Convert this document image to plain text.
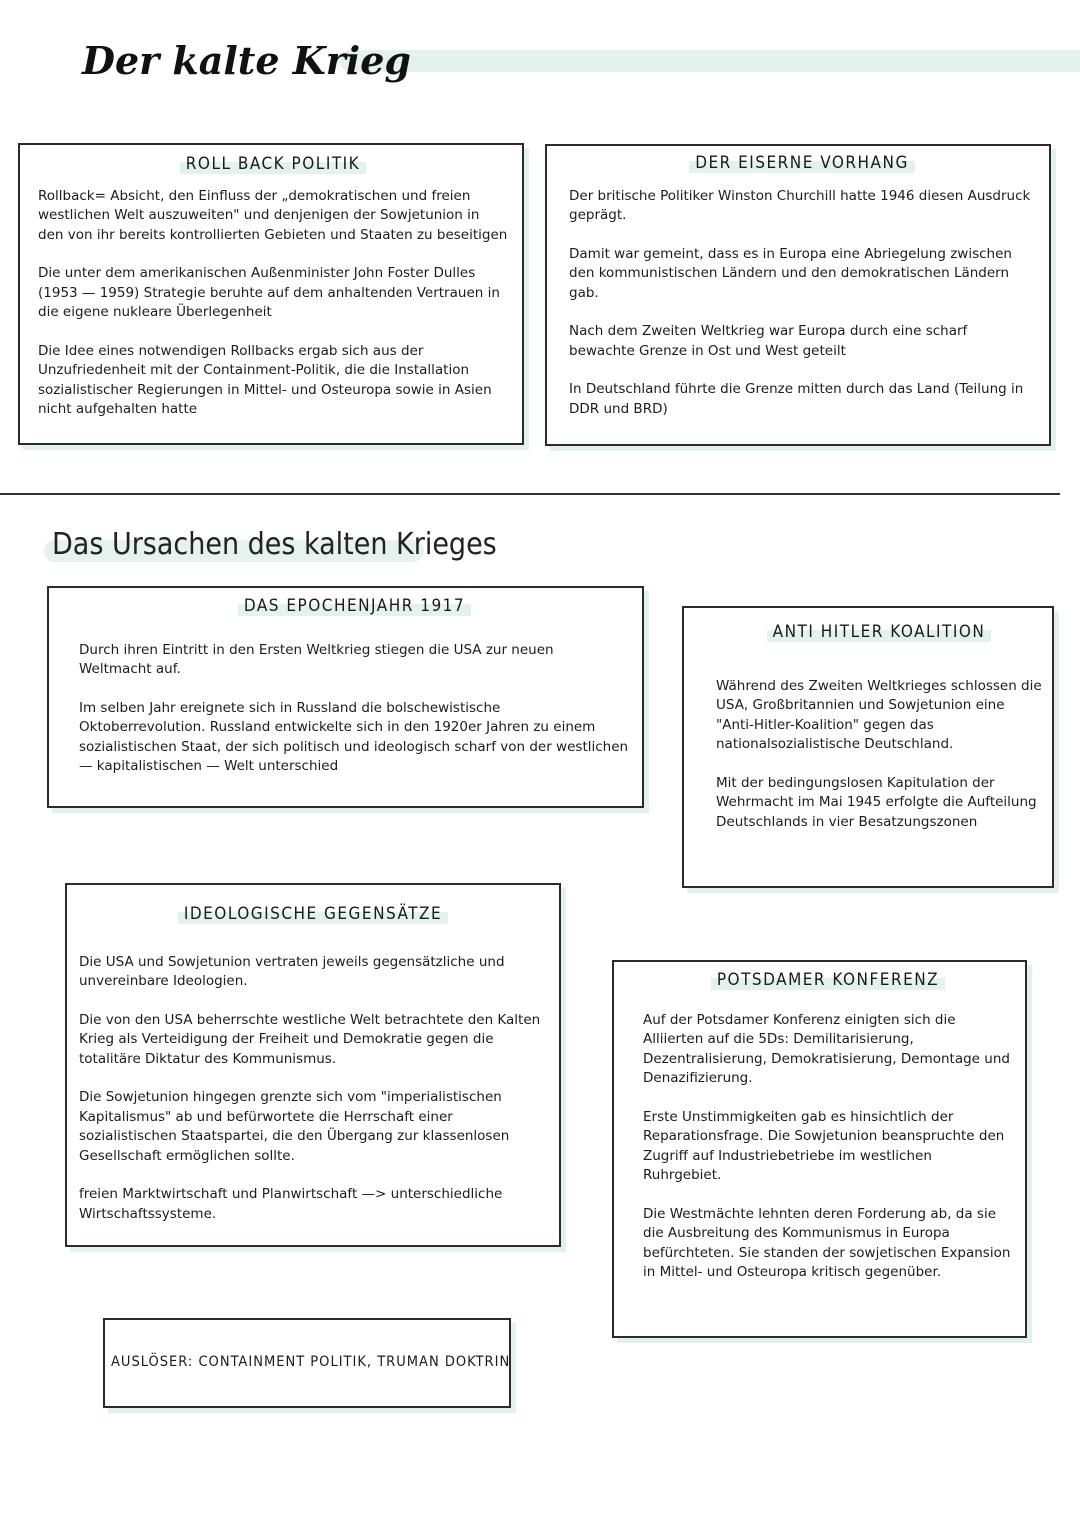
Der kalte Krieg
ROLL BACK POLITIK

Rollback= Absicht, den Einfluss der „demokratischen und freien westlichen Welt auszuweiten" und denjenigen der Sowjetunion in den von ihr bereits kontrollierten Gebieten und Staaten zu beseitigen

Die unter dem amerikanischen Außenminister John Foster Dulles (1953 — 1959) Strategie beruhte auf dem anhaltenden Vertrauen in die eigene nukleare Überlegenheit

Die Idee eines notwendigen Rollbacks ergab sich aus der Unzufriedenheit mit der Containment-Politik, die die Installation sozialistischer Regierungen in Mittel- und Osteuropa sowie in Asien nicht aufgehalten hatte

DER EISERNE VORHANG

Der britische Politiker Winston Churchill hatte 1946 diesen Ausdruck geprägt.

Damit war gemeint, dass es in Europa eine Abriegelung zwischen den kommunistischen Ländern und den demokratischen Ländern gab.

Nach dem Zweiten Weltkrieg war Europa durch eine scharf bewachte Grenze in Ost und West geteilt

In Deutschland führte die Grenze mitten durch das Land (Teilung in DDR und BRD)

Das Ursachen des kalten Krieges
DAS EPOCHENJAHR 1917

Durch ihren Eintritt in den Ersten Weltkrieg stiegen die USA zur neuen Weltmacht auf.

Im selben Jahr ereignete sich in Russland die bolschewistische Oktoberrevolution. Russland entwickelte sich in den 1920er Jahren zu einem sozialistischen Staat, der sich politisch und ideologisch scharf von der westlichen — kapitalistischen — Welt unterschied

ANTI HITLER KOALITION

Während des Zweiten Weltkrieges schlossen die USA, Großbritannien und Sowjetunion eine "Anti-Hitler-Koalition" gegen das nationalsozialistische Deutschland.

Mit der bedingungslosen Kapitulation der Wehrmacht im Mai 1945 erfolgte die Aufteilung Deutschlands in vier Besatzungszonen

IDEOLOGISCHE GEGENSÄTZE

Die USA und Sowjetunion vertraten jeweils gegensätzliche und unvereinbare Ideologien.

Die von den USA beherrschte westliche Welt betrachtete den Kalten Krieg als Verteidigung der Freiheit und Demokratie gegen die totalitäre Diktatur des Kommunismus.

Die Sowjetunion hingegen grenzte sich vom "imperialistischen Kapitalismus" ab und befürwortete die Herrschaft einer sozialistischen Staatspartei, die den Übergang zur klassenlosen Gesellschaft ermöglichen sollte.

freien Marktwirtschaft und Planwirtschaft —> unterschiedliche Wirtschaftssysteme.

POTSDAMER KONFERENZ

Auf der Potsdamer Konferenz einigten sich die Alliierten auf die 5Ds: Demilitarisierung, Dezentralisierung, Demokratisierung, Demontage und Denazifizierung.

Erste Unstimmigkeiten gab es hinsichtlich der Reparationsfrage. Die Sowjetunion beanspruchte den Zugriff auf Industriebetriebe im westlichen Ruhrgebiet.

Die Westmächte lehnten deren Forderung ab, da sie die Ausbreitung des Kommunismus in Europa befürchteten. Sie standen der sowjetischen Expansion in Mittel- und Osteuropa kritisch gegenüber.

AUSLÖSER: CONTAINMENT POLITIK, TRUMAN DOKTRIN
